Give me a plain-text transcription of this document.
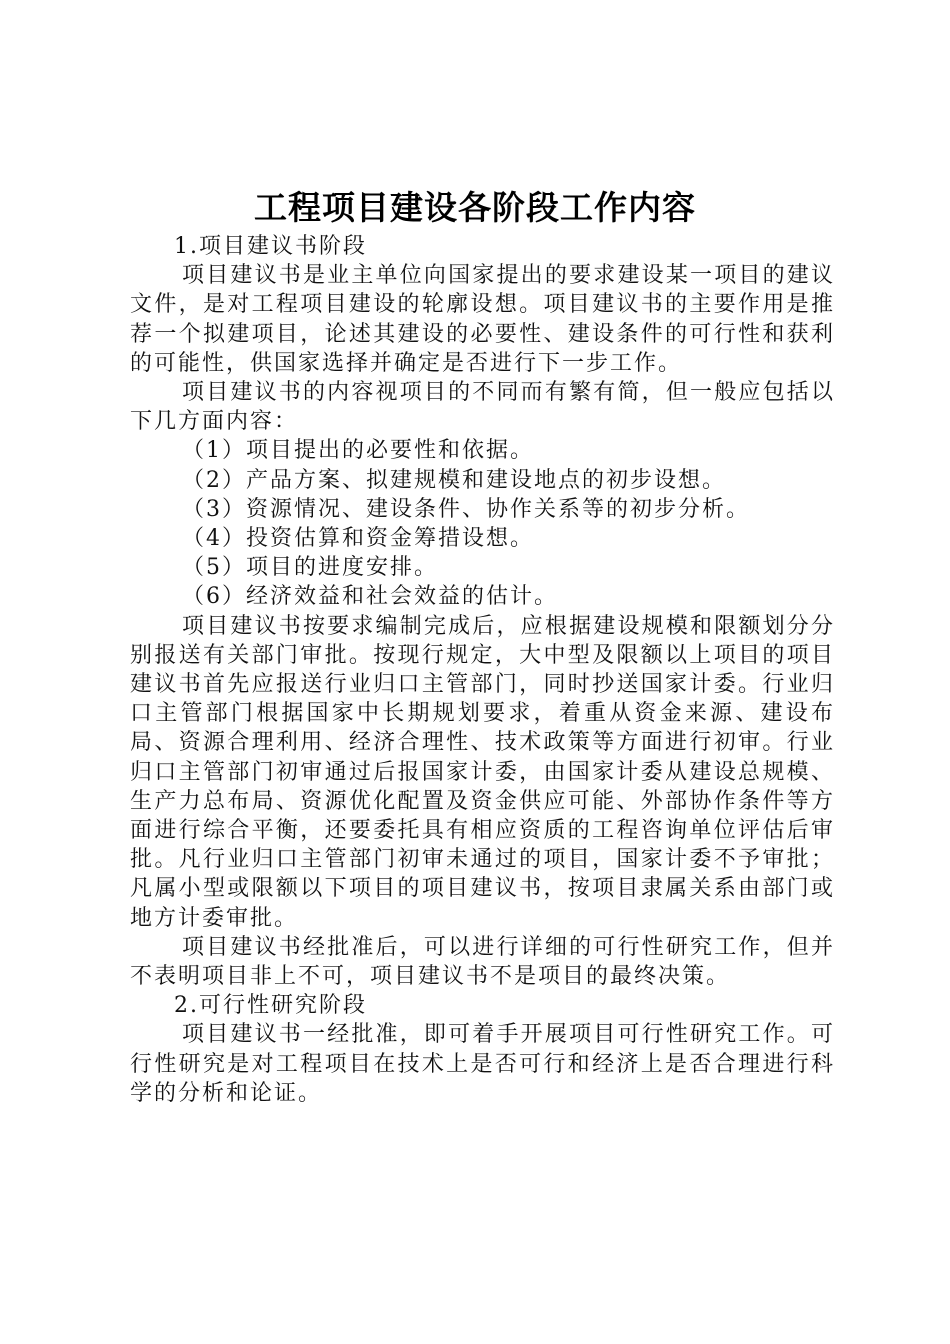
工程项目建设各阶段工作内容

1.项目建议书阶段

项目建议书是业主单位向国家提出的要求建设某一项目的建议文件，是对工程项目建设的轮廓设想。项目建议书的主要作用是推荐一个拟建项目，论述其建设的必要性、建设条件的可行性和获利的可能性，供国家选择并确定是否进行下一步工作。

项目建议书的内容视项目的不同而有繁有简，但一般应包括以下几方面内容：

（1）项目提出的必要性和依据。

（2）产品方案、拟建规模和建设地点的初步设想。

（3）资源情况、建设条件、协作关系等的初步分析。

（4）投资估算和资金筹措设想。

（5）项目的进度安排。

（6）经济效益和社会效益的估计。

项目建议书按要求编制完成后，应根据建设规模和限额划分分别报送有关部门审批。按现行规定，大中型及限额以上项目的项目建议书首先应报送行业归口主管部门，同时抄送国家计委。行业归口主管部门根据国家中长期规划要求，着重从资金来源、建设布局、资源合理利用、经济合理性、技术政策等方面进行初审。行业归口主管部门初审通过后报国家计委，由国家计委从建设总规模、生产力总布局、资源优化配置及资金供应可能、外部协作条件等方面进行综合平衡，还要委托具有相应资质的工程咨询单位评估后审批。凡行业归口主管部门初审未通过的项目，国家计委不予审批；凡属小型或限额以下项目的项目建议书，按项目隶属关系由部门或地方计委审批。

项目建议书经批准后，可以进行详细的可行性研究工作，但并不表明项目非上不可，项目建议书不是项目的最终决策。

2.可行性研究阶段

项目建议书一经批准，即可着手开展项目可行性研究工作。可行性研究是对工程项目在技术上是否可行和经济上是否合理进行科学的分析和论证。
